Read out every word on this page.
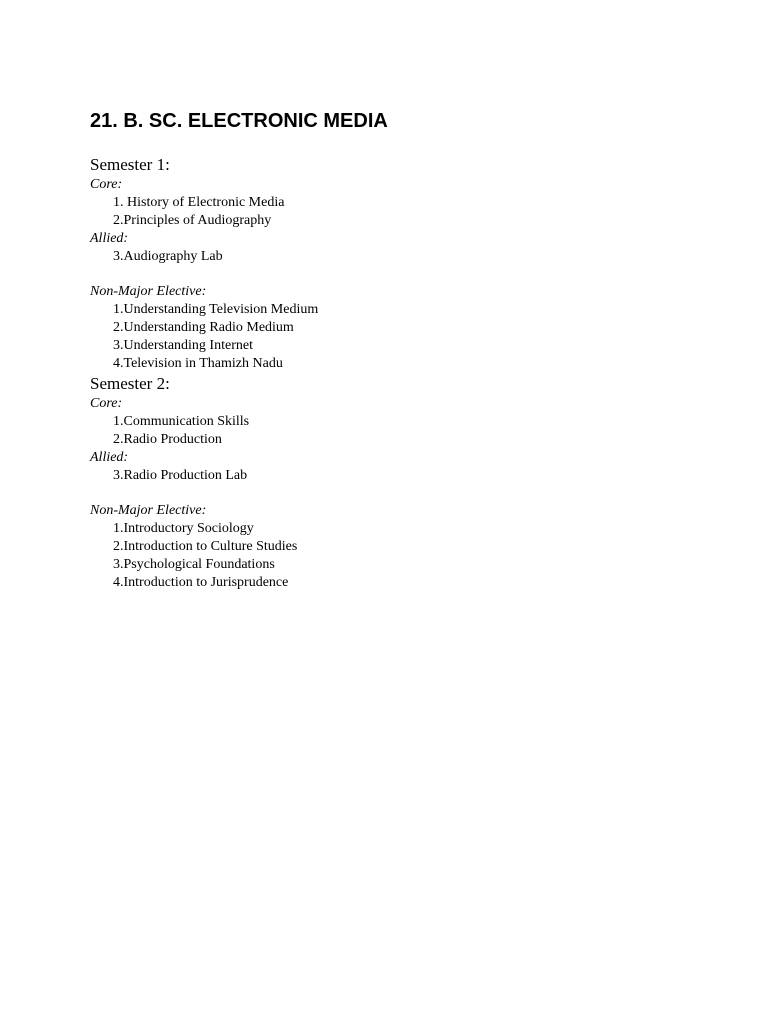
21. B. SC. ELECTRONIC MEDIA
Semester 1:

Core:

1. History of Electronic Media
2.Principles of Audiography

Allied:

3.Audiography Lab

Non-Major Elective:

1.Understanding Television Medium
2.Understanding Radio Medium
3.Understanding Internet
4.Television in Thamizh Nadu
Semester 2:

Core:

1.Communication Skills
2.Radio Production

Allied:

3.Radio Production Lab

Non-Major Elective:

1.Introductory Sociology
2.Introduction to Culture Studies
3.Psychological Foundations
4.Introduction to Jurisprudence
